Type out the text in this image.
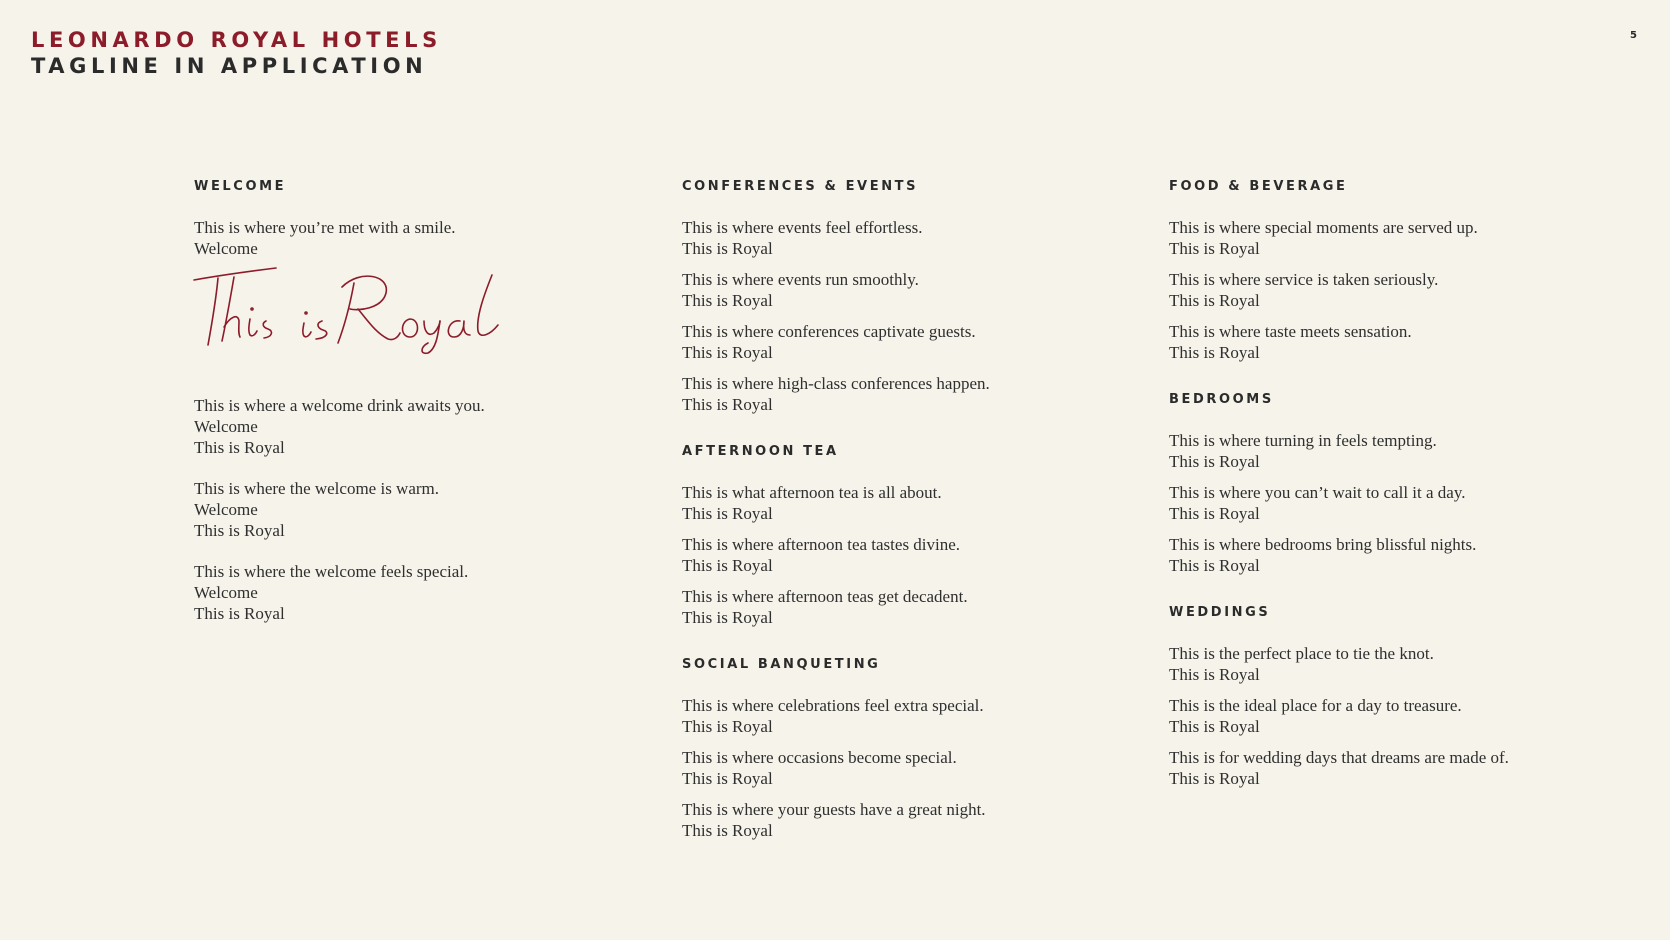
LEONARDO ROYAL HOTELS
TAGLINE IN APPLICATION
5
WELCOME
This is where you’re met with a smile.
Welcome
This is where a welcome drink awaits you.
Welcome
This is Royal
This is where the welcome is warm.
Welcome
This is Royal
This is where the welcome feels special.
Welcome
This is Royal
CONFERENCES & EVENTS
This is where events feel effortless.
This is Royal
This is where events run smoothly.
This is Royal
This is where conferences captivate guests.
This is Royal
This is where high-class conferences happen.
This is Royal
AFTERNOON TEA
This is what afternoon tea is all about.
This is Royal
This is where afternoon tea tastes divine.
This is Royal
This is where afternoon teas get decadent.
This is Royal
SOCIAL BANQUETING
This is where celebrations feel extra special.
This is Royal
This is where occasions become special.
This is Royal
This is where your guests have a great night.
This is Royal
FOOD & BEVERAGE
This is where special moments are served up.
This is Royal
This is where service is taken seriously.
This is Royal
This is where taste meets sensation.
This is Royal
BEDROOMS
This is where turning in feels tempting.
This is Royal
This is where you can’t wait to call it a day.
This is Royal
This is where bedrooms bring blissful nights.
This is Royal
WEDDINGS
This is the perfect place to tie the knot.
This is Royal
This is the ideal place for a day to treasure.
This is Royal
This is for wedding days that dreams are made of.
This is Royal
